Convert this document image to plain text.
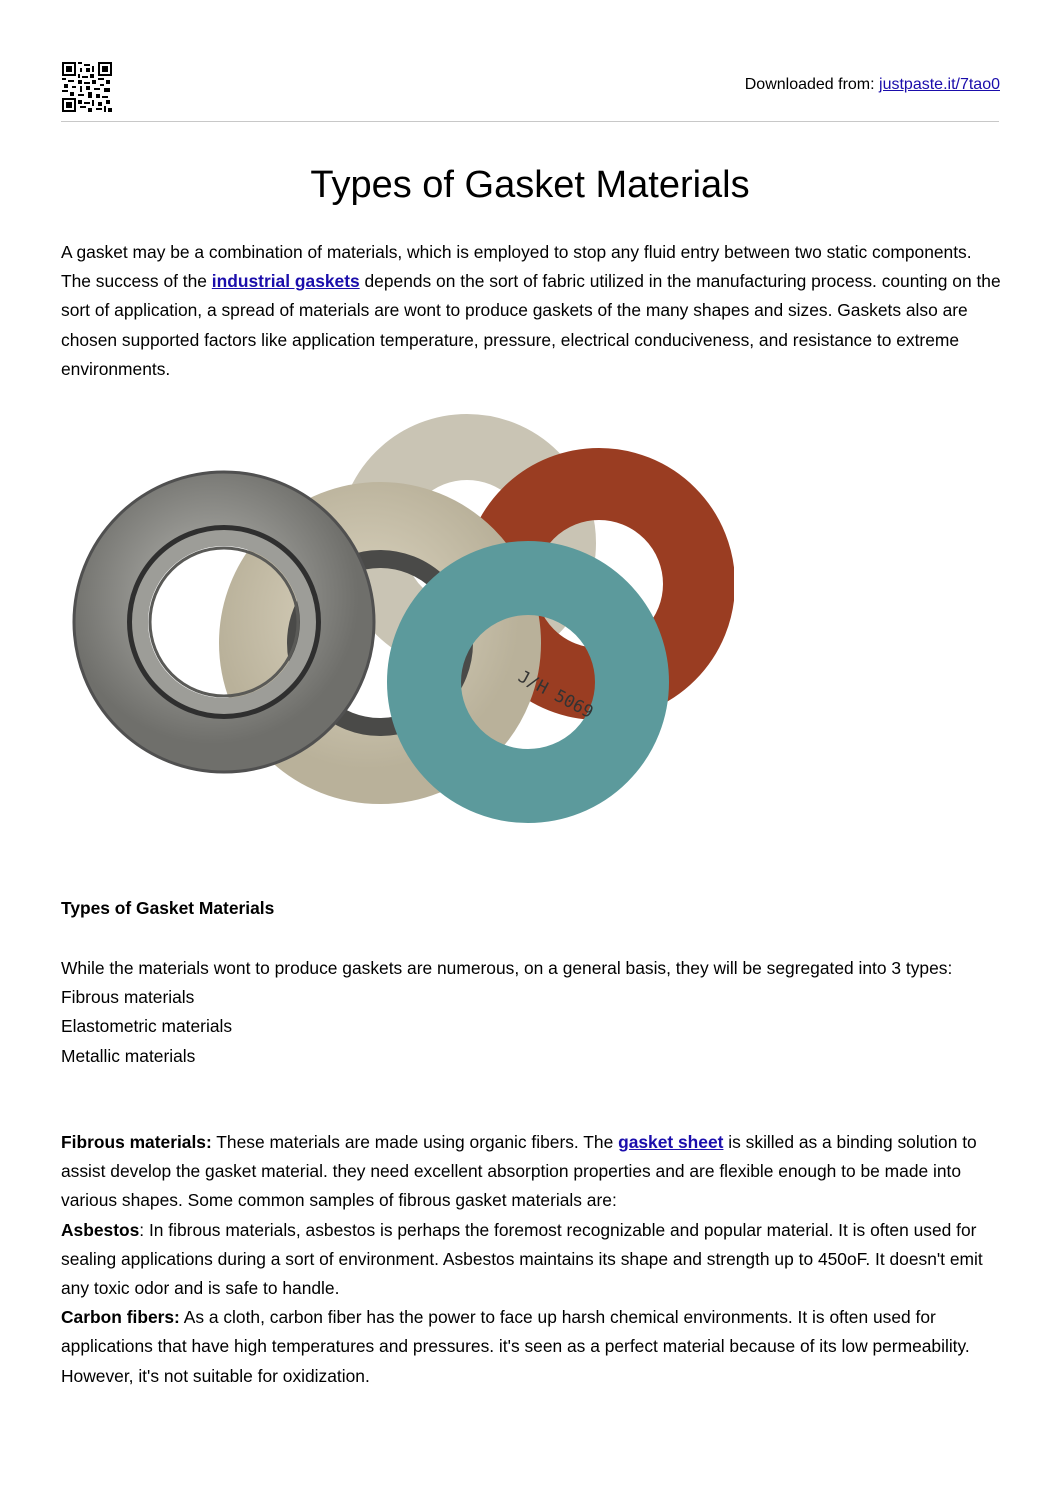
Downloaded from: justpaste.it/7tao0
Types of Gasket Materials

A gasket may be a combination of materials, which is employed to stop any fluid entry between two static components. The success of the industrial gaskets depends on the sort of fabric utilized in the manufacturing process. counting on the sort of application, a spread of materials are wont to produce gaskets of the many shapes and sizes. Gaskets also are chosen supported factors like application temperature, pressure, electrical conduciveness, and resistance to extreme environments.

C
J/H 5069
Types of Gasket Materials

While the materials wont to produce gaskets are numerous, on a general basis, they will be segregated into 3 types:
Fibrous materials
Elastometric materials
Metallic materials

Fibrous materials: These materials are made using organic fibers. The gasket sheet is skilled as a binding solution to assist develop the gasket material. they need excellent absorption properties and are flexible enough to be made into various shapes. Some common samples of fibrous gasket materials are:
Asbestos: In fibrous materials, asbestos is perhaps the foremost recognizable and popular material. It is often used for sealing applications during a sort of environment. Asbestos maintains its shape and strength up to 450oF. It doesn't emit any toxic odor and is safe to handle.
Carbon fibers: As a cloth, carbon fiber has the power to face up harsh chemical environments. It is often used for applications that have high temperatures and pressures. it's seen as a perfect material because of its low permeability. However, it's not suitable for oxidization.
